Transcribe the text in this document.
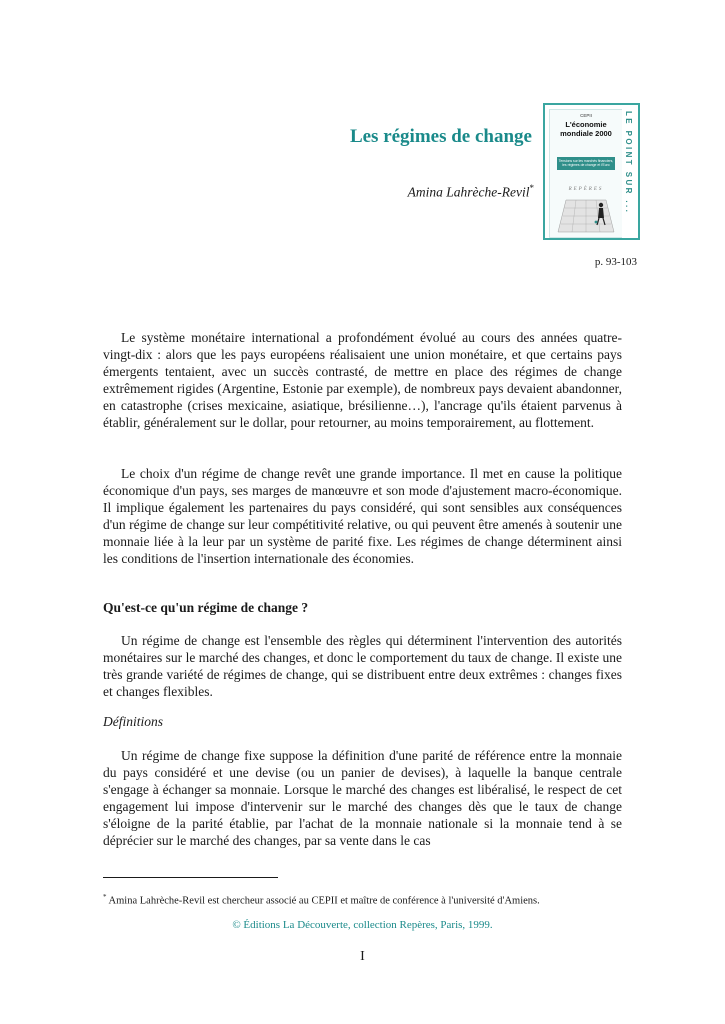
Les régimes de change
Amina Lahrèche-Revil*
CEPII
L'économie mondiale 2000
Tensions sur les marchés financiers, les régimes de change et l'Euro
REPÈRES	LE POINT SUR ...
p. 93-103

Le système monétaire international a profondément évolué au cours des années quatre-vingt-dix : alors que les pays européens réalisaient une union monétaire, et que certains pays émergents tentaient, avec un succès contrasté, de mettre en place des régimes de change extrêmement rigides (Argentine, Estonie par exemple), de nombreux pays devaient abandonner, en catastrophe (crises mexicaine, asiatique, brésilienne…), l'ancrage qu'ils étaient parvenus à établir, généralement sur le dollar, pour retourner, au moins temporairement, au flottement.

Le choix d'un régime de change revêt une grande importance. Il met en cause la politique économique d'un pays, ses marges de manœuvre et son mode d'ajustement macro-économique. Il implique également les partenaires du pays considéré, qui sont sensibles aux conséquences d'un régime de change sur leur compétitivité relative, ou qui peuvent être amenés à soutenir une monnaie liée à la leur par un système de parité fixe. Les régimes de change déterminent ainsi les conditions de l'insertion internationale des économies.

Qu'est-ce qu'un régime de change ?

Un régime de change est l'ensemble des règles qui déterminent l'intervention des autorités monétaires sur le marché des changes, et donc le comportement du taux de change. Il existe une très grande variété de régimes de change, qui se distribuent entre deux extrêmes : changes fixes et changes flexibles.

Définitions

Un régime de change fixe suppose la définition d'une parité de référence entre la monnaie du pays considéré et une devise (ou un panier de devises), à laquelle la banque centrale s'engage à échanger sa monnaie. Lorsque le marché des changes est libéralisé, le respect de cet engagement lui impose d'intervenir sur le marché des changes dès que le taux de change s'éloigne de la parité établie, par l'achat de la monnaie nationale si la monnaie tend à se déprécier sur le marché des changes, par sa vente dans le cas

* Amina Lahrèche-Revil est chercheur associé au CEPII et maître de conférence à l'université d'Amiens.
© Éditions La Découverte, collection Repères, Paris, 1999.
I
